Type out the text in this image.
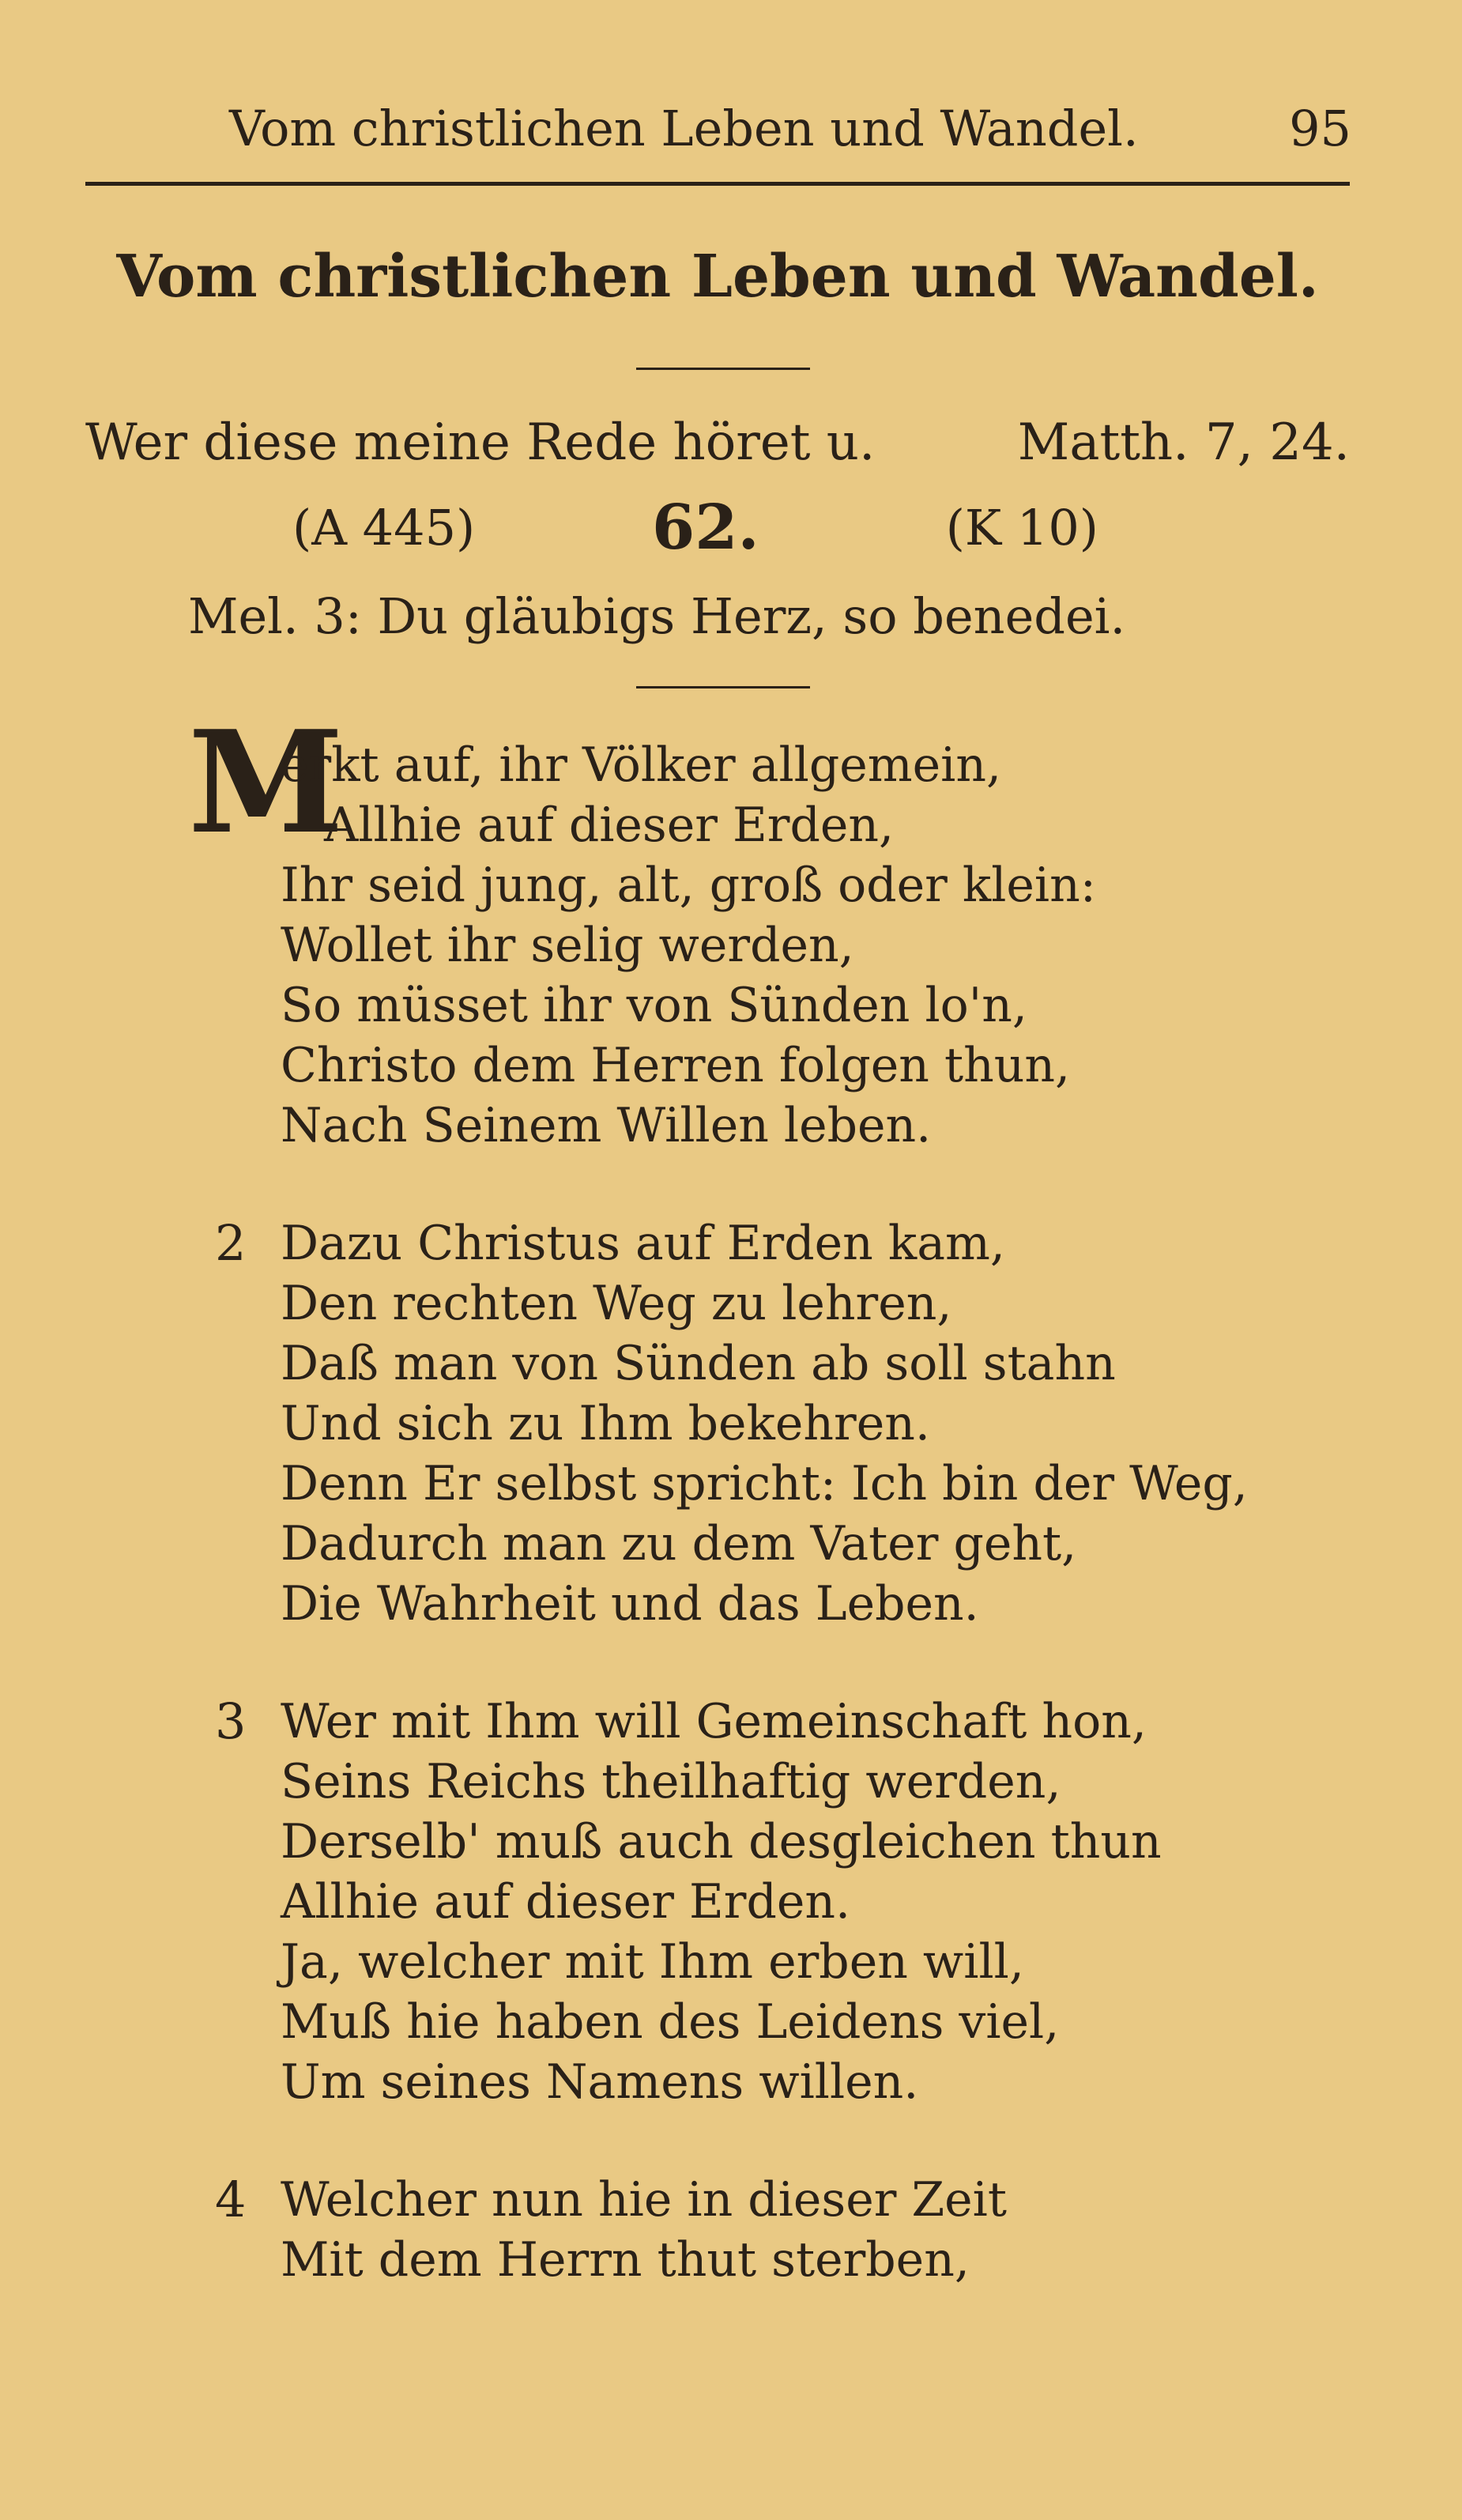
Vom christlichen Leben und Wandel.	95
Vom christlichen Leben und Wandel.
Wer diese meine Rede höret u.	Matth. 7, 24.
(A 445)	62.	(K 10)
Mel. 3: Du gläubigs Herz, so benedei.
M
erkt auf, ihr Völker allgemein,
Allhie auf dieser Erden,
Ihr seid jung, alt, groß oder klein:
Wollet ihr selig werden,
So müsset ihr von Sünden lo'n,
Christo dem Herren folgen thun,
Nach Seinem Willen leben.
2 Dazu Christus auf Erden kam,
Den rechten Weg zu lehren,
Daß man von Sünden ab soll stahn
Und sich zu Ihm bekehren.
Denn Er selbst spricht: Ich bin der Weg,
Dadurch man zu dem Vater geht,
Die Wahrheit und das Leben.
3 Wer mit Ihm will Gemeinschaft hon,
Seins Reichs theilhaftig werden,
Derselb' muß auch desgleichen thun
Allhie auf dieser Erden.
Ja, welcher mit Ihm erben will,
Muß hie haben des Leidens viel,
Um seines Namens willen.
4 Welcher nun hie in dieser Zeit
Mit dem Herrn thut sterben,
